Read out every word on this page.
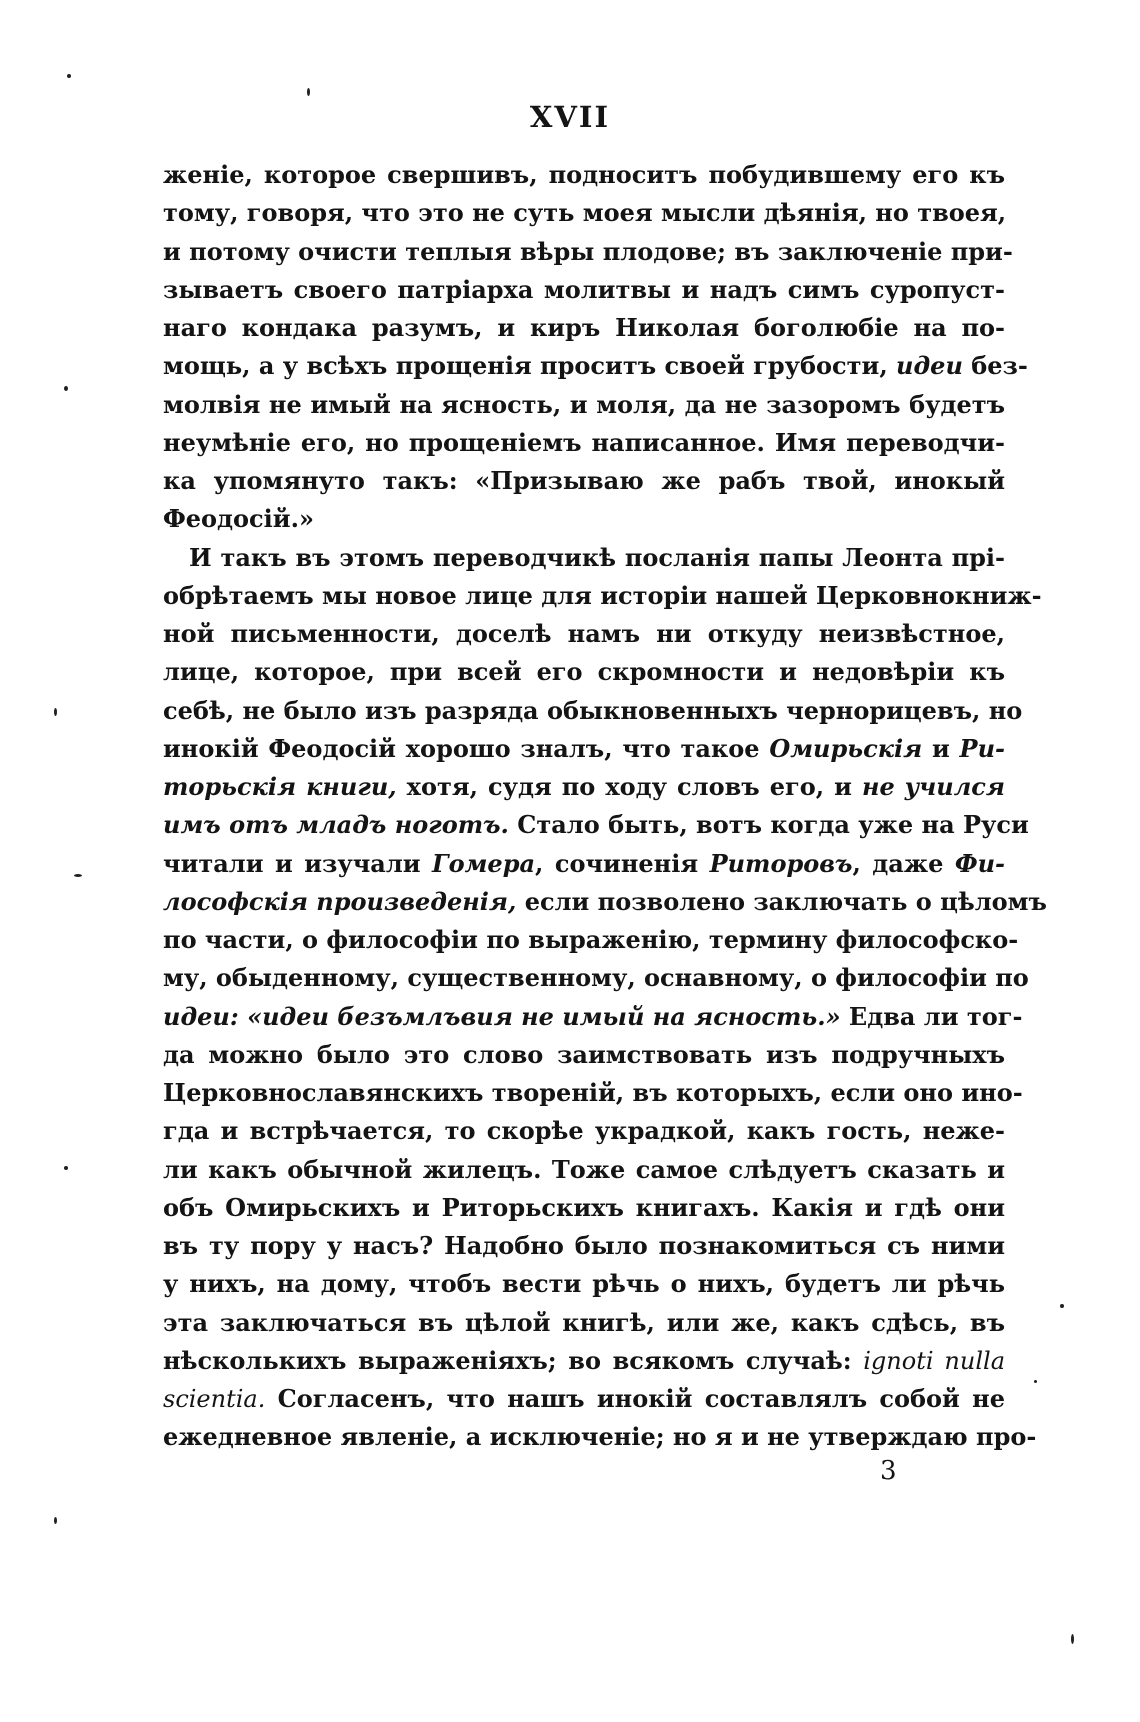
XVII
женіе, которое свершивъ, подноситъ побудившему его къ
тому, говоря, что это не суть моея мысли дѣянія, но твоея,
и потому очисти теплыя вѣры плодове; въ заключеніе при-
зываетъ своего патріарха молитвы и надъ симъ суропуст-
наго кондака разумъ, и киръ Николая боголюбіе на по-
мощь, а у всѣхъ прощенія проситъ своей грубости, идеи без-
молвія не имый на ясность, и моля, да не зазоромъ будетъ
неумѣніе его, но прощеніемъ написанное. Имя переводчи-
ка упомянуто такъ: «Призываю же рабъ твой, инокый
Феодосій.»
И такъ въ этомъ переводчикѣ посланія папы Леонта прі-
обрѣтаемъ мы новое лице для исторіи нашей Церковнокниж-
ной письменности, доселѣ намъ ни откуду неизвѣстное,
лице, которое, при всей его скромности и недовѣріи къ
себѣ, не было изъ разряда обыкновенныхъ чернорицевъ, но
инокій Феодосій хорошо зналъ, что такое Омирьскія и Ри-
торьскія книги, хотя, судя по ходу словъ его, и не учился
имъ отъ младъ ноготъ. Стало быть, вотъ когда уже на Руси
читали и изучали Гомера, сочиненія Риторовъ, даже Фи-
лософскія произведенія, если позволено заключать о цѣломъ
по части, о философіи по выраженію, термину философско-
му, обыденному, существенному, оснавному, о философіи по
идеи: «идеи безъмлъвия не имый на ясность.» Едва ли тог-
да можно было это слово заимствовать изъ подручныхъ
Церковнославянскихъ твореній, въ которыхъ, если оно ино-
гда и встрѣчается, то скорѣе украдкой, какъ гость, неже-
ли какъ обычной жилецъ. Тоже самое слѣдуетъ сказать и
объ Омирьскихъ и Риторьскихъ книгахъ. Какія и гдѣ они
въ ту пору у насъ? Надобно было познакомиться съ ними
у нихъ, на дому, чтобъ вести рѣчь о нихъ, будетъ ли рѣчь
эта заключаться въ цѣлой книгѣ, или же, какъ сдѣсь, въ
нѣсколькихъ выраженіяхъ; во всякомъ случаѣ: ignoti nulla
scientia. Согласенъ, что нашъ инокій составлялъ собой не
ежедневное явленіе, а исключеніе; но я и не утверждаю про-
3
